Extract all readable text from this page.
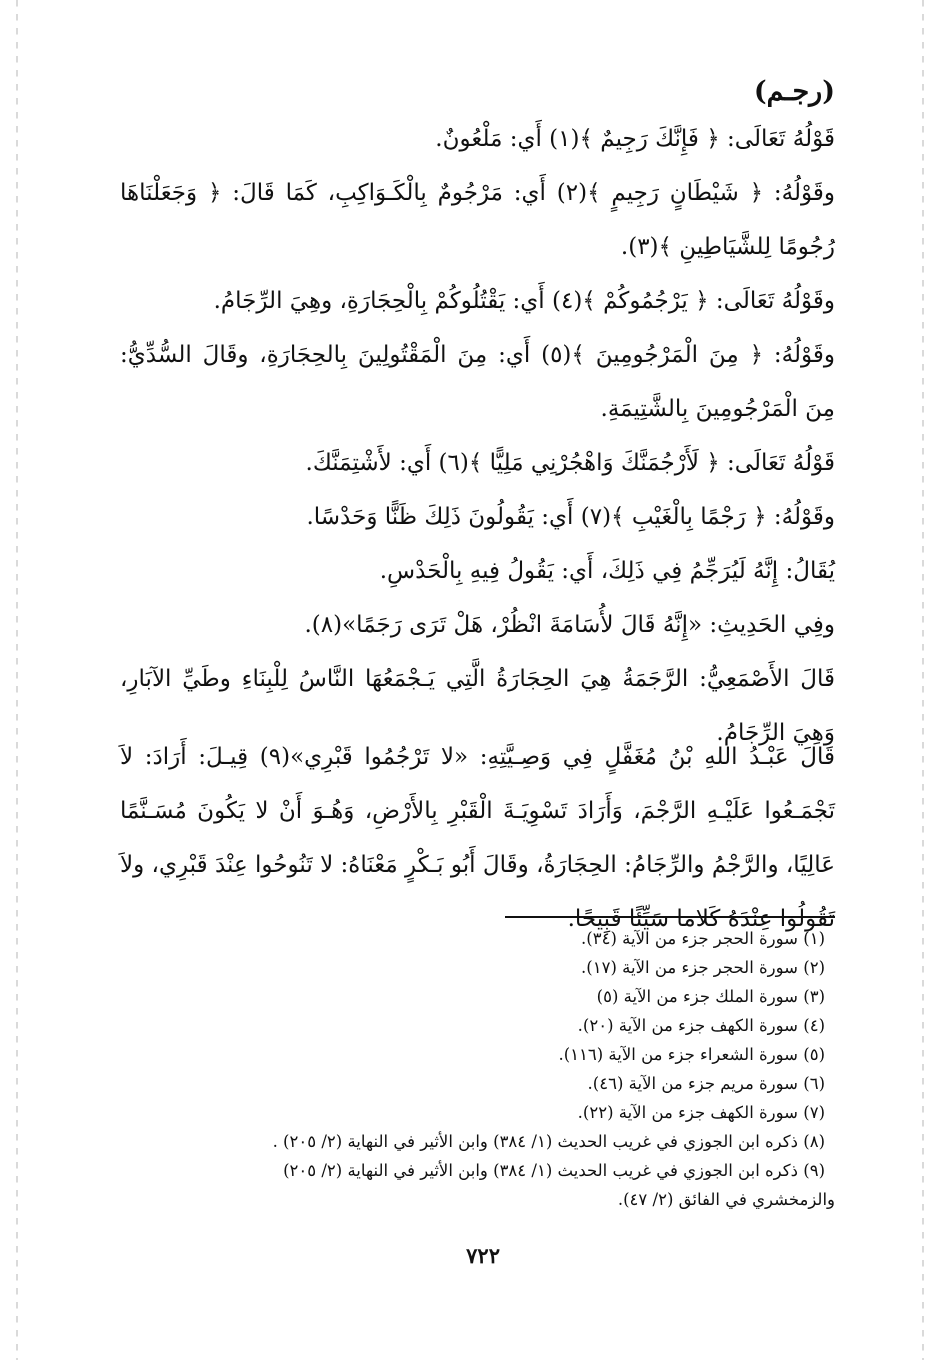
(رجـم)
قَوْلُهُ تَعَالَى: ﴿ فَإِنَّكَ رَجِيمٌ ﴾(١) أَي: مَلْعُونٌ.
وقَوْلُهُ: ﴿ شَيْطَانٍ رَجِيمٍ ﴾(٢) أَي: مَرْجُومٌ بِالْكَـوَاكِبِ، كَمَا قَالَ: ﴿ وَجَعَلْنَاهَا رُجُومًا لِلشَّيَاطِينِ ﴾(٣).
وقَوْلُهُ تَعَالَى: ﴿ يَرْجُمُوكُمْ ﴾(٤) أَي: يَقْتُلُوكُمْ بِالْحِجَارَةِ، وهِيَ الرِّجَامُ.
وقَوْلُهُ: ﴿ مِنَ الْمَرْجُومِينَ ﴾(٥) أَي: مِنَ الْمَقْتُولِينَ بِالحِجَارَةِ، وقَالَ السُّدِّيُّ: مِنَ الْمَرْجُومِينَ بِالشَّتِيمَةِ.
قَوْلُهُ تَعَالَى: ﴿ لَأَرْجُمَنَّكَ وَاهْجُرْنِي مَلِيًّا ﴾(٦) أَي: لأَشْتِمَنَّكَ.
وقَوْلُهُ: ﴿ رَجْمًا بِالْغَيْبِ ﴾(٧) أَي: يَقُولُونَ ذَلِكَ ظَنًّا وَحَدْسًا.
يُقَالُ: إِنَّهُ لَيُرَجِّمُ فِي ذَلِكَ، أَي: يَقُولُ فِيهِ بِالْحَدْسِ.
وفِي الحَدِيثِ: «إِنَّهُ قَالَ لأُسَامَةَ انْظُرْ، هَلْ تَرَى رَجَمًا»(٨).
قَالَ الأَصْمَعِيُّ: الرَّجَمَةُ هِيَ الحِجَارَةُ الَّتِي يَـجْمَعُهَا النَّاسُ لِلْبِنَاءِ وطَيِّ الآبَارِ، وَهِيَ الرِّجَامُ.
قَالَ عَبْـدُ اللهِ بْنُ مُغَفَّلٍ فِي وَصِـيَّتِهِ: «لا تَرْجُمُوا قَبْرِي»(٩) قِيـلَ: أَرَادَ: لاَ تَجْمَـعُوا عَلَيْـهِ الرَّجْمَ، وَأَرَادَ تَسْوِيَـةَ الْقَبْرِ بِالأَرْضِ، وَهُـوَ أَنْ لا يَكُونَ مُسَـنَّمًا عَالِيًا، والرَّجْمُ والرِّجَامُ: الحِجَارَةُ، وقَالَ أَبُو بَـكْرٍ مَعْنَاهُ: لا تَنُوحُوا عِنْدَ قَبْرِي، ولاَ تَقُولُوا عِنْدَهُ كَلاما سَيِّئًا قَبِيحًا.
(١) سورة الحجر جزء من الآية (٣٤).
(٢) سورة الحجر جزء من الآية (١٧).
(٣) سورة الملك جزء من الآية (٥)
(٤) سورة الكهف جزء من الآية (٢٠).
(٥) سورة الشعراء جزء من الآية (١١٦).
(٦) سورة مريم جزء من الآية (٤٦).
(٧) سورة الكهف جزء من الآية (٢٢).
(٨) ذكره ابن الجوزي في غريب الحديث (١/ ٣٨٤) وابن الأثير في النهاية (٢/ ٢٠٥) .
(٩) ذكره ابن الجوزي في غريب الحديث (١/ ٣٨٤) وابن الأثير في النهاية (٢/ ٢٠٥)
والزمخشري في الفائق (٢/ ٤٧).
٧٢٢
